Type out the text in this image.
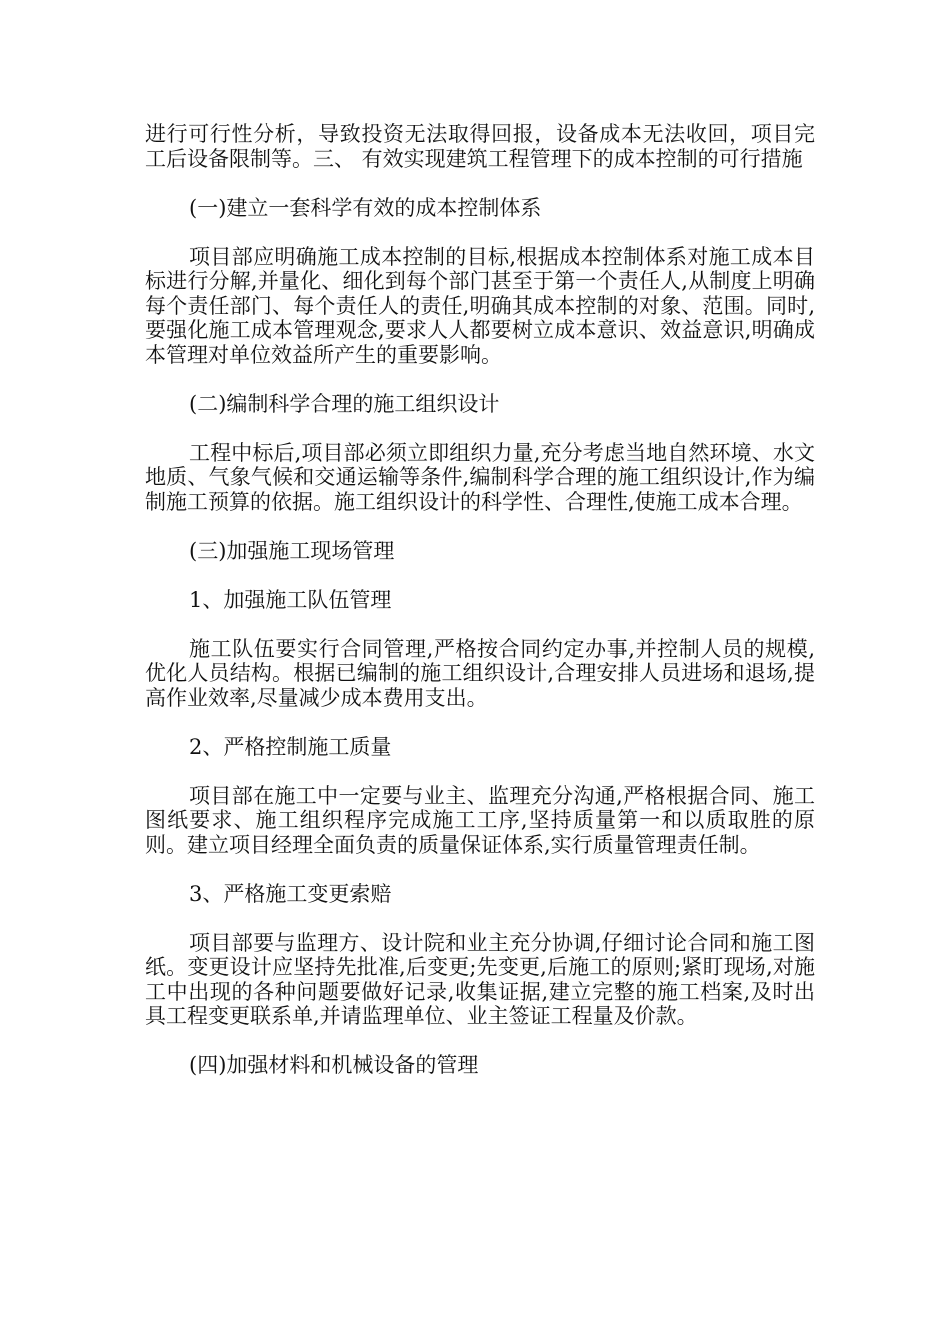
进行可行性分析，导致投资无法取得回报，设备成本无法收回，项目完工后设备限制等。三、 有效实现建筑工程管理下的成本控制的可行措施

(一)建立一套科学有效的成本控制体系

项目部应明确施工成本控制的目标,根据成本控制体系对施工成本目标进行分解,并量化、细化到每个部门甚至于第一个责任人,从制度上明确每个责任部门、每个责任人的责任,明确其成本控制的对象、范围。同时,要强化施工成本管理观念,要求人人都要树立成本意识、效益意识,明确成本管理对单位效益所产生的重要影响。

(二)编制科学合理的施工组织设计

工程中标后,项目部必须立即组织力量,充分考虑当地自然环境、水文地质、气象气候和交通运输等条件,编制科学合理的施工组织设计,作为编制施工预算的依据。施工组织设计的科学性、合理性,使施工成本合理。

(三)加强施工现场管理

1、加强施工队伍管理

施工队伍要实行合同管理,严格按合同约定办事,并控制人员的规模,优化人员结构。根据已编制的施工组织设计,合理安排人员进场和退场,提高作业效率,尽量减少成本费用支出。

2、严格控制施工质量

项目部在施工中一定要与业主、监理充分沟通,严格根据合同、施工图纸要求、施工组织程序完成施工工序,坚持质量第一和以质取胜的原则。建立项目经理全面负责的质量保证体系,实行质量管理责任制。

3、严格施工变更索赔

项目部要与监理方、设计院和业主充分协调,仔细讨论合同和施工图纸。变更设计应坚持先批准,后变更;先变更,后施工的原则;紧盯现场,对施工中出现的各种问题要做好记录,收集证据,建立完整的施工档案,及时出具工程变更联系单,并请监理单位、业主签证工程量及价款。

(四)加强材料和机械设备的管理
